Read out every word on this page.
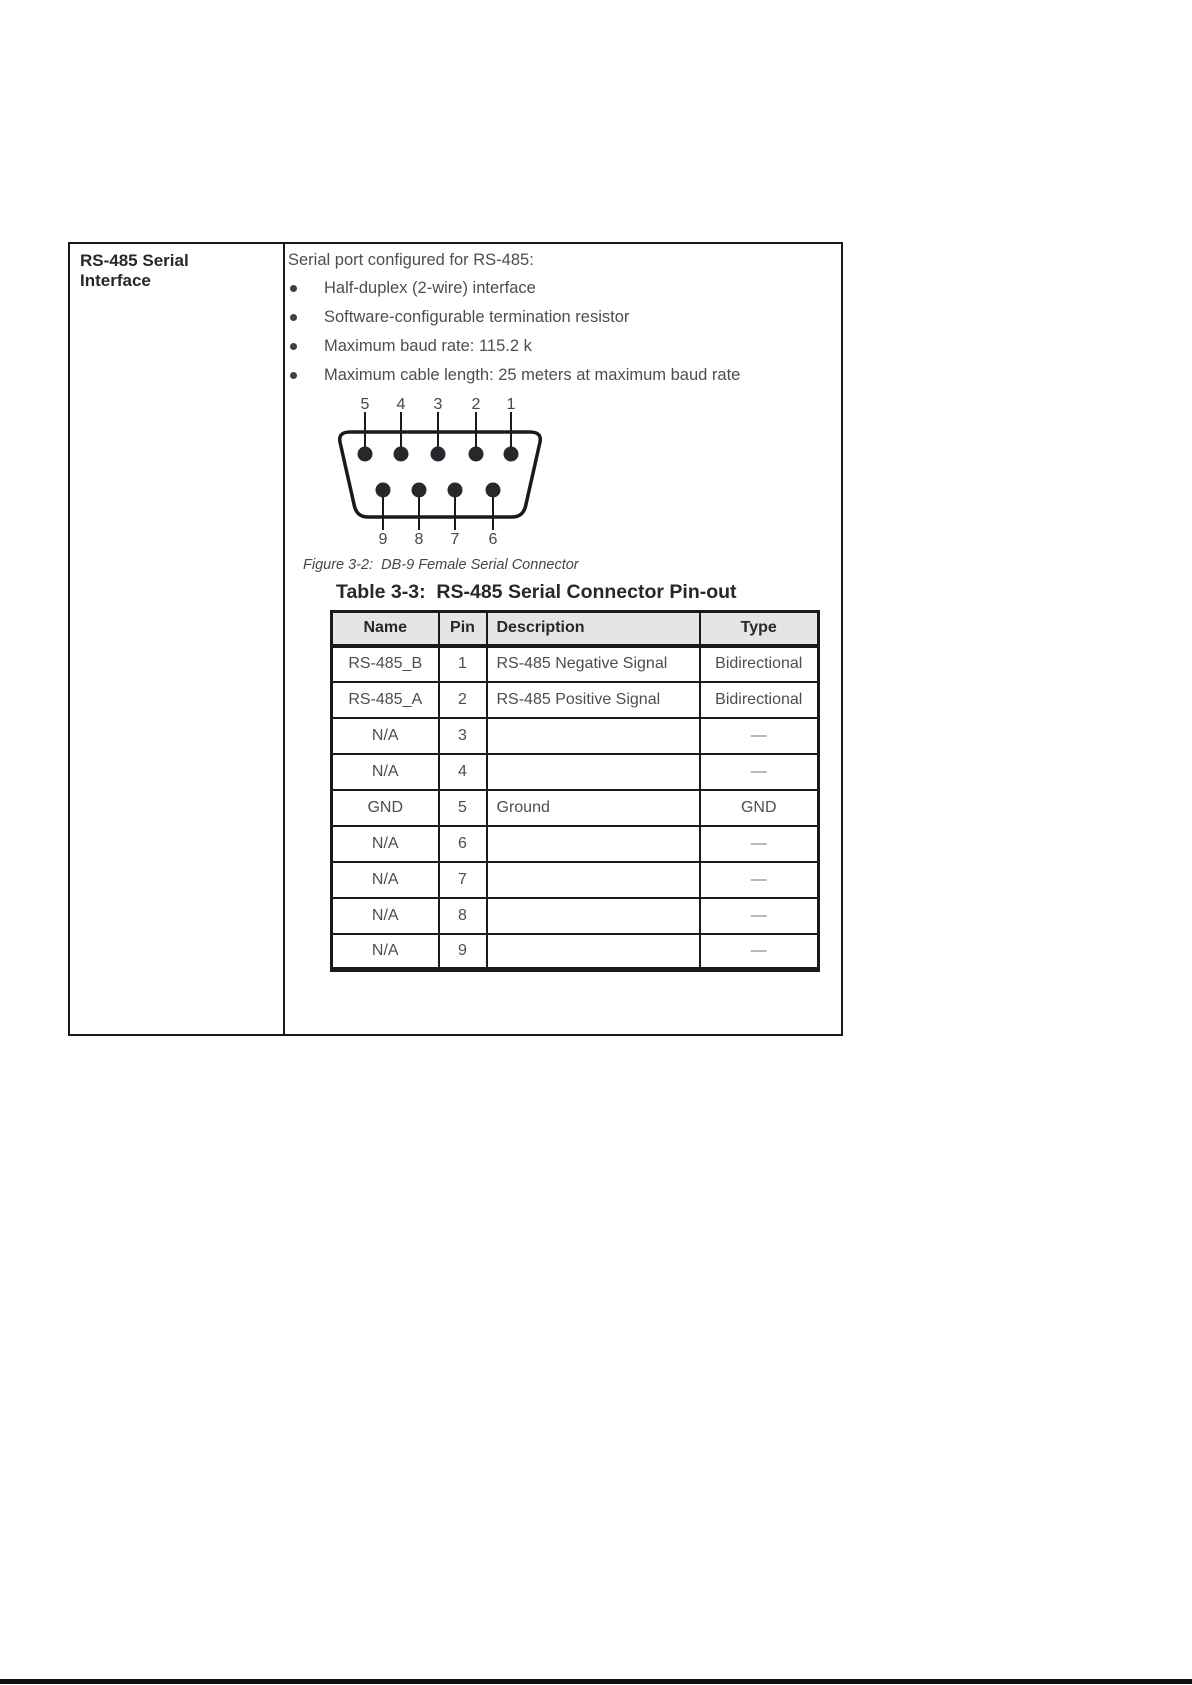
RS-485 Serial Interface
Serial port configured for RS-485:
Half-duplex (2-wire) interface
Software-configurable termination resistor
Maximum baud rate: 115.2 k
Maximum cable length: 25 meters at maximum baud rate
5 4 3 2 1
9 8 7 6
Figure 3-2:  DB-9 Female Serial Connector
Table 3-3:  RS-485 Serial Connector Pin-out
Name	Pin	Description	Type
RS-485_B	1	RS-485 Negative Signal	Bidirectional
RS-485_A	2	RS-485 Positive Signal	Bidirectional
N/A	3		—
N/A	4		—
GND	5	Ground	GND
N/A	6		—
N/A	7		—
N/A	8		—
N/A	9		—
